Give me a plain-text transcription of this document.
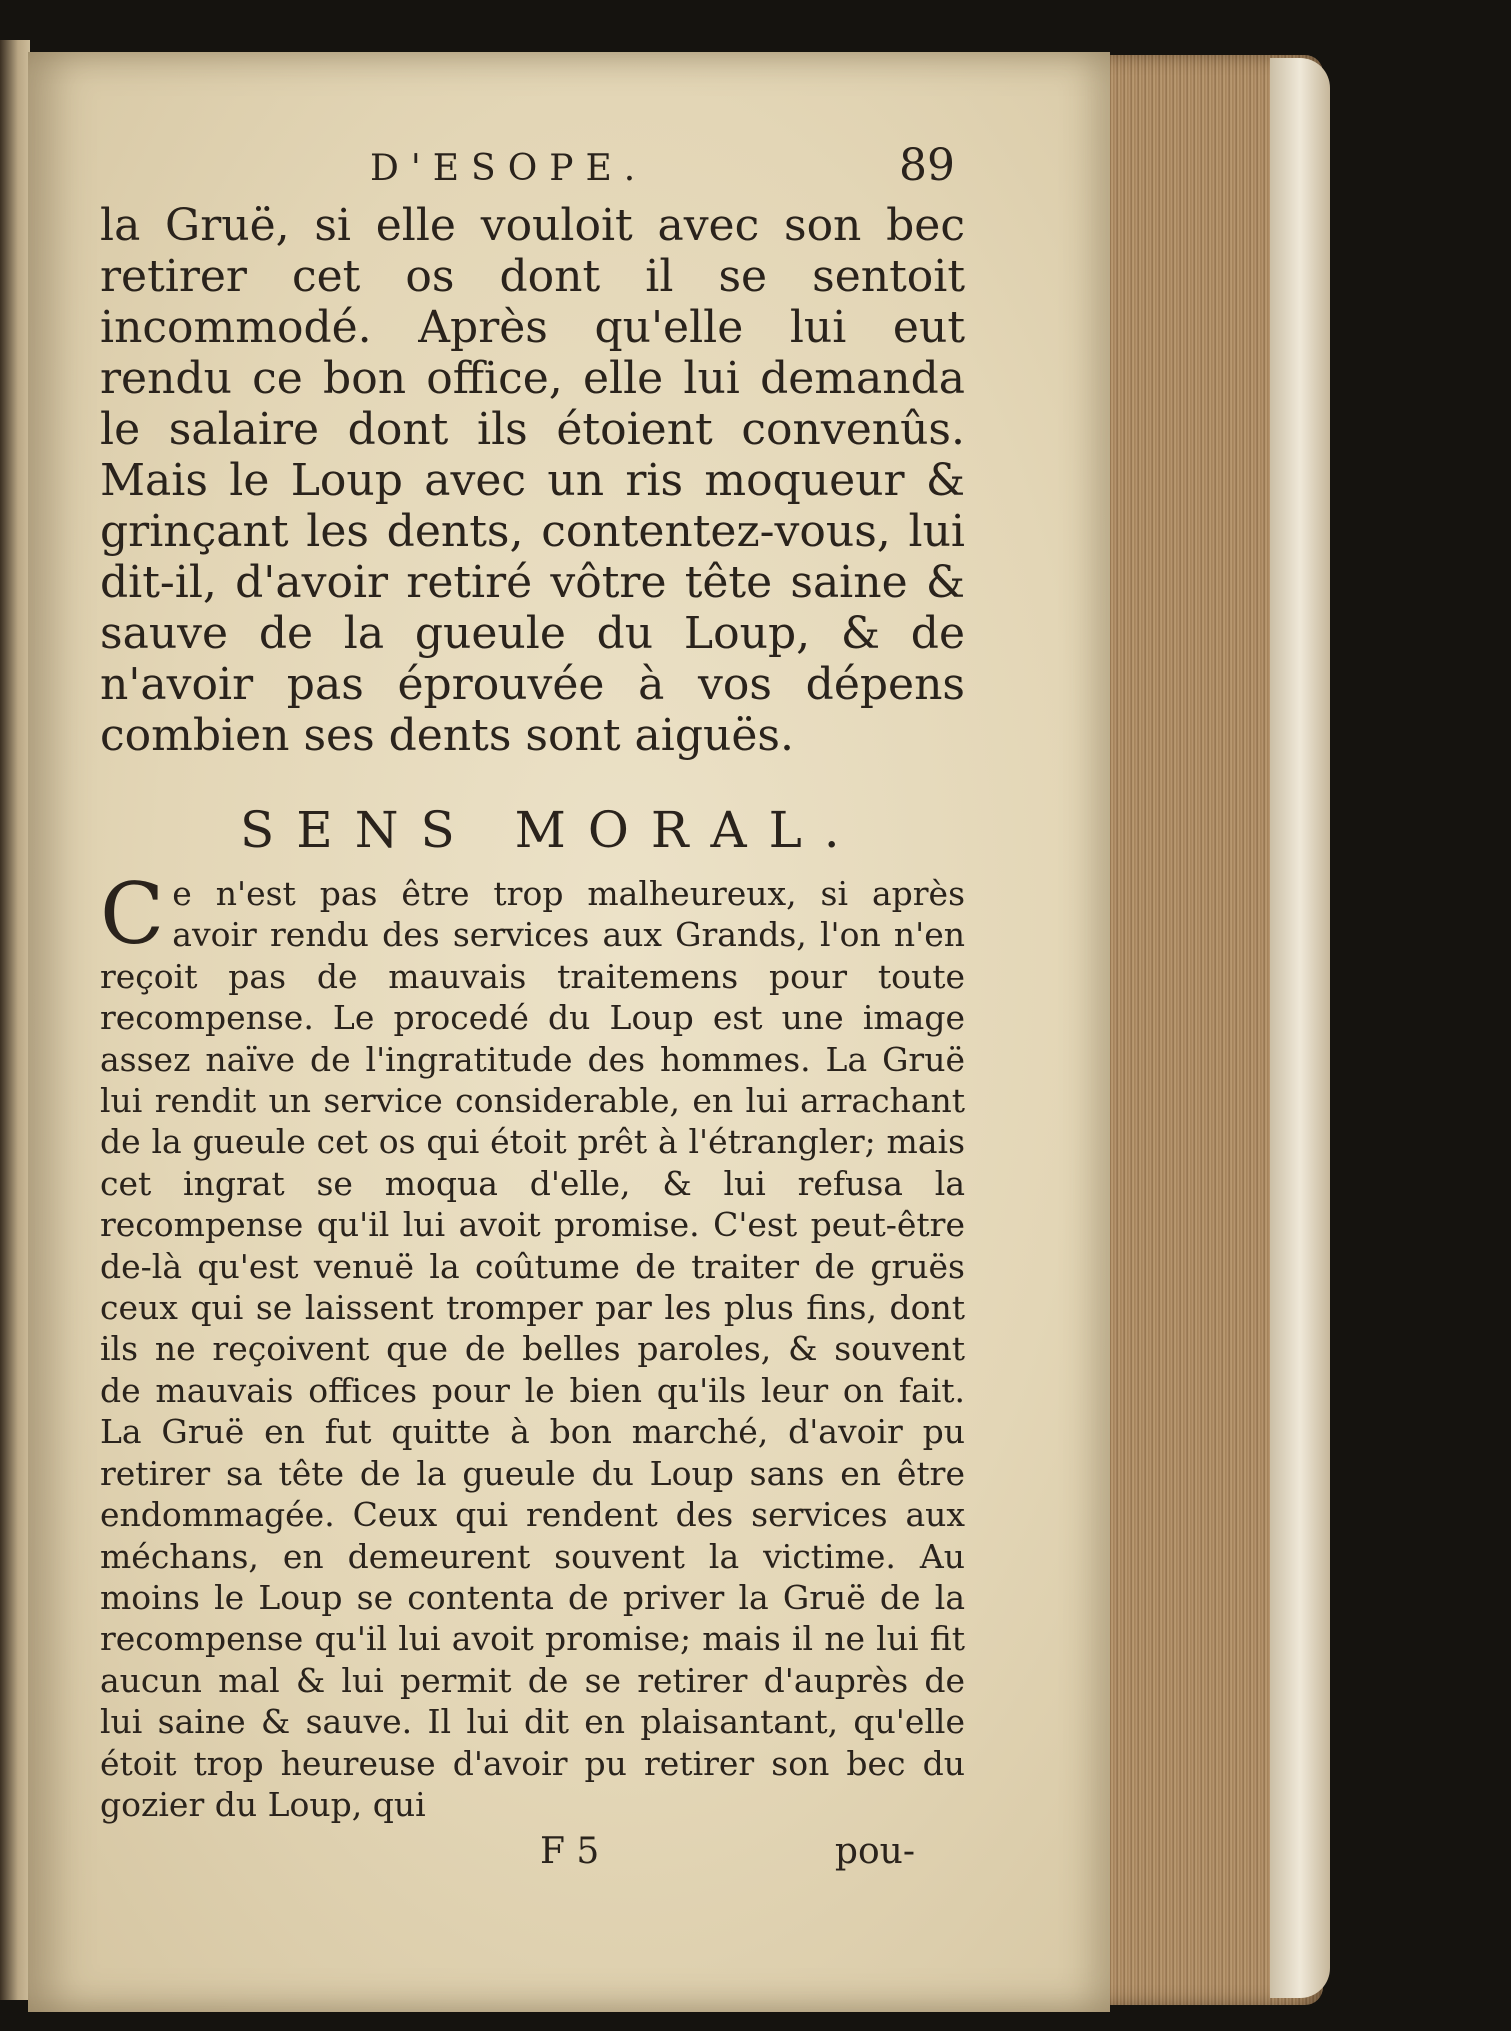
D'ESOPE.	89

la Gruë, si elle vouloit avec son bec retirer cet os dont il se sentoit incommodé. Après qu'elle lui eut rendu ce bon office, elle lui demanda le salaire dont ils étoient convenûs. Mais le Loup avec un ris moqueur & grinçant les dents, contentez-vous, lui dit-il, d'avoir retiré vôtre tête saine & sauve de la gueule du Loup, & de n'avoir pas éprouvée à vos dépens combien ses dents sont aiguës.

SENS MORAL.

Ce n'est pas être trop malheureux, si après avoir rendu des services aux Grands, l'on n'en reçoit pas de mauvais traitemens pour toute recompense. Le procedé du Loup est une image assez naïve de l'ingratitude des hommes. La Gruë lui rendit un service considerable, en lui arrachant de la gueule cet os qui étoit prêt à l'étrangler; mais cet ingrat se moqua d'elle, & lui refusa la recompense qu'il lui avoit promise. C'est peut-être de-là qu'est venuë la coûtume de traiter de gruës ceux qui se laissent tromper par les plus fins, dont ils ne reçoivent que de belles paroles, & souvent de mauvais offices pour le bien qu'ils leur on fait. La Gruë en fut quitte à bon marché, d'avoir pu retirer sa tête de la gueule du Loup sans en être endommagée. Ceux qui rendent des services aux méchans, en demeurent souvent la victime. Au moins le Loup se contenta de priver la Gruë de la recompense qu'il lui avoit promise; mais il ne lui fit aucun mal & lui permit de se retirer d'auprès de lui saine & sauve. Il lui dit en plaisantant, qu'elle étoit trop heureuse d'avoir pu retirer son bec du gozier du Loup, qui

F 5	pou-
